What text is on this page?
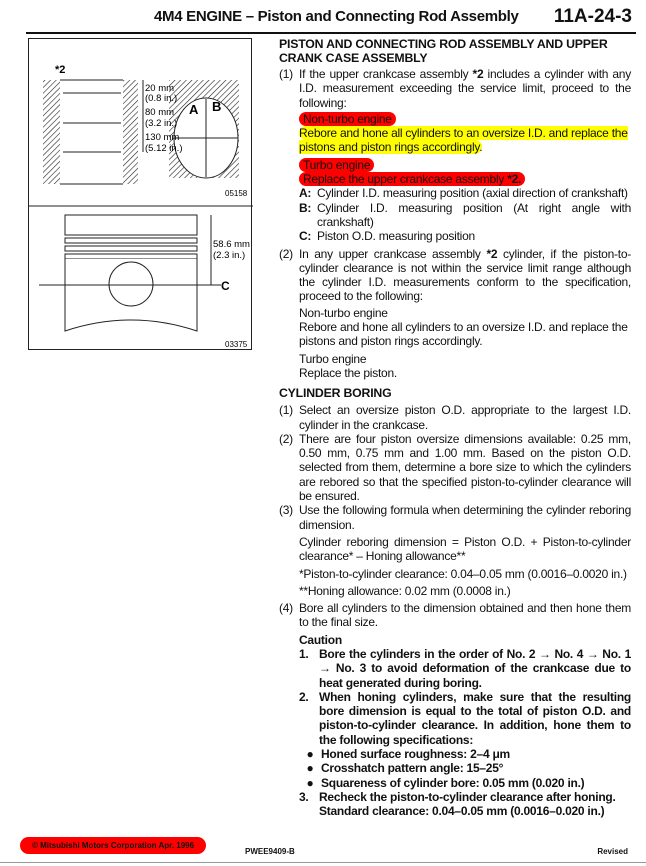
4M4 ENGINE – Piston and Connecting Rod Assembly 11A-24-3
*2
20 mm
(0.8 in.)
80 mm
(3.2 in.)
130 mm
(5.12 in.)
A B
05158
58.6 mm
(2.3 in.)
C
03375
PISTON AND CONNECTING ROD ASSEMBLY AND UPPER CRANK CASE ASSEMBLY
(1) If the upper crankcase assembly *2 includes a cylinder with any I.D. measurement exceeding the service limit, proceed to the following:
Non-turbo engine
Rebore and hone all cylinders to an oversize I.D. and replace the pistons and piston rings accordingly.
Turbo engine
Replace the upper crankcase assembly *2.
A: Cylinder I.D. measuring position (axial direction of crankshaft)
B: Cylinder I.D. measuring position (At right angle with crankshaft)
C: Piston O.D. measuring position
(2) In any upper crankcase assembly *2 cylinder, if the piston-to-cylinder clearance is not within the service limit range although the cylinder I.D. measurements conform to the specification, proceed to the following:
Non-turbo engine
Rebore and hone all cylinders to an oversize I.D. and replace the pistons and piston rings accordingly.
Turbo engine
Replace the piston.
CYLINDER BORING
(1) Select an oversize piston O.D. appropriate to the largest I.D. cylinder in the crankcase.
(2) There are four piston oversize dimensions available: 0.25 mm, 0.50 mm, 0.75 mm and 1.00 mm. Based on the piston O.D. selected from them, determine a bore size to which the cylinders are rebored so that the specified piston-to-cylinder clearance will be ensured.
(3) Use the following formula when determining the cylinder reboring dimension.
Cylinder reboring dimension = Piston O.D. + Piston-to-cylinder clearance* – Honing allowance**
*Piston-to-cylinder clearance: 0.04–0.05 mm (0.0016–0.0020 in.)
**Honing allowance: 0.02 mm (0.0008 in.)
(4) Bore all cylinders to the dimension obtained and then hone them to the final size.
Caution
1. Bore the cylinders in the order of No. 2 → No. 4 → No. 1 → No. 3 to avoid deformation of the crankcase due to heat generated during boring.
2. When honing cylinders, make sure that the resulting bore dimension is equal to the total of piston O.D. and piston-to-cylinder clearance. In addition, hone them to the following specifications:
● Honed surface roughness: 2–4 μm
● Crosshatch pattern angle: 15–25°
● Squareness of cylinder bore: 0.05 mm (0.020 in.)
3. Recheck the piston-to-cylinder clearance after honing.
Standard clearance: 0.04–0.05 mm (0.0016–0.020 in.)
© Mitsubishi Motors Corporation Apr. 1996
PWEE9409-B	Revised
